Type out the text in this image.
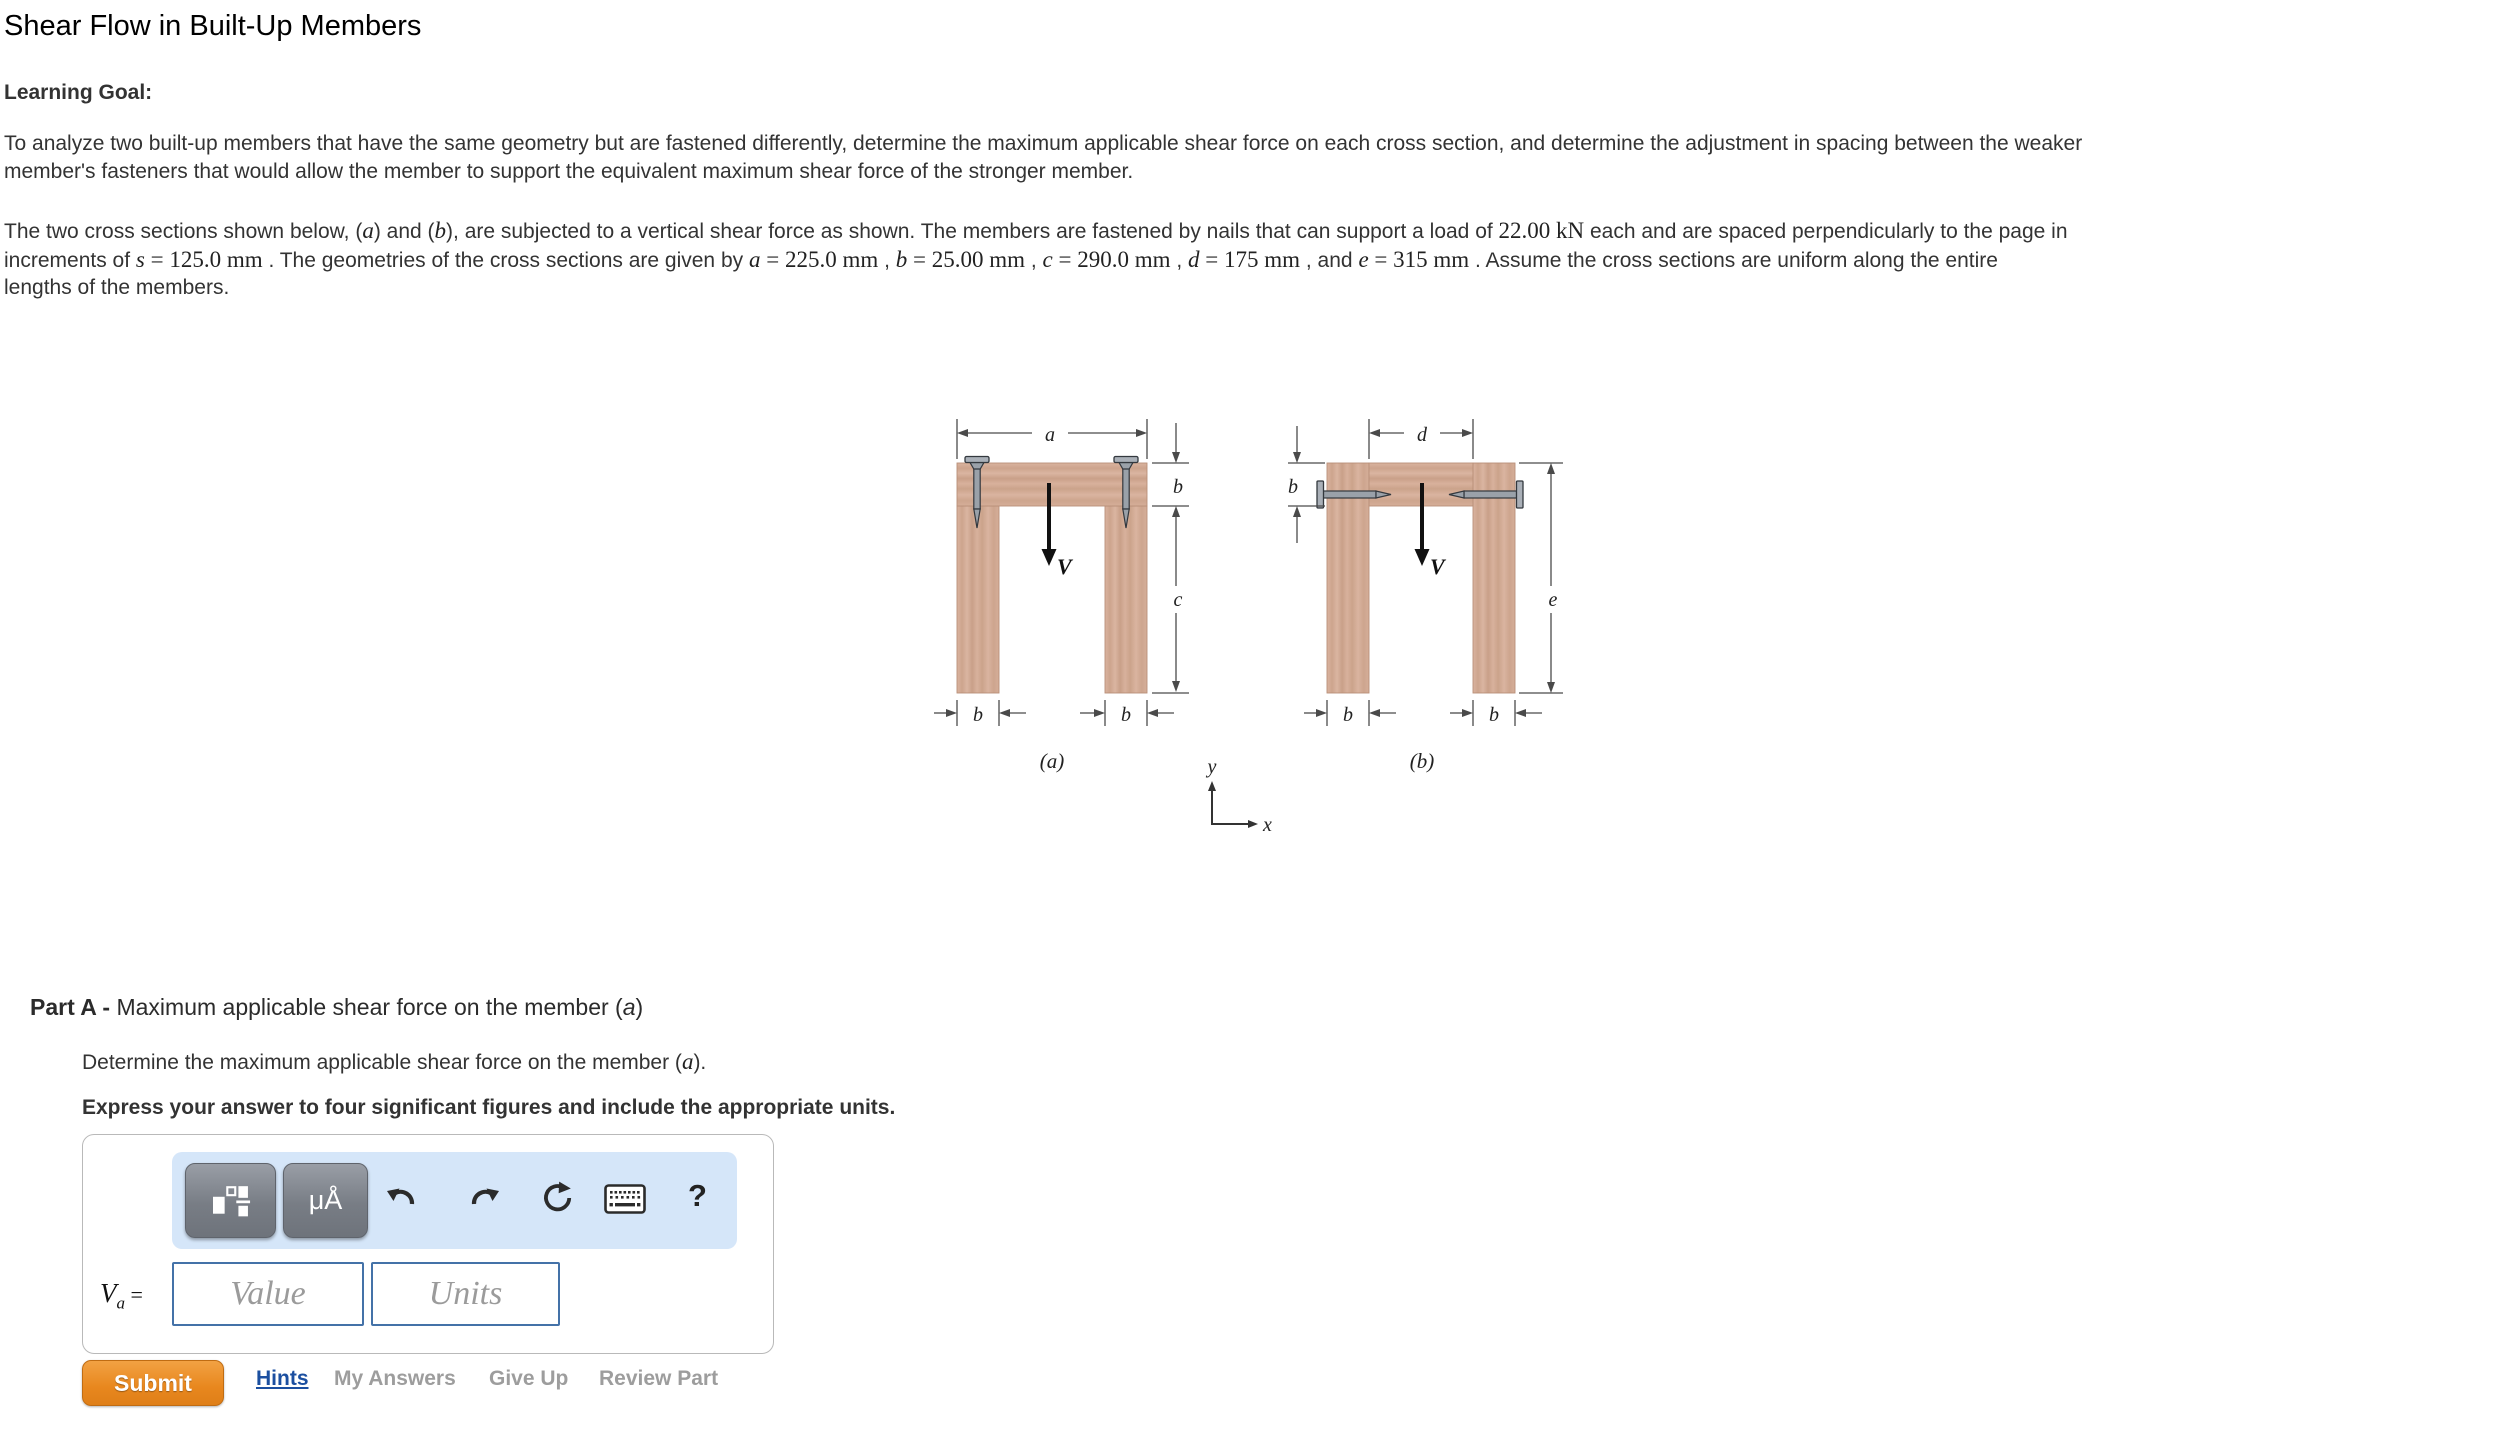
Shear Flow in Built-Up Members
Learning Goal:
To analyze two built-up members that have the same geometry but are fastened differently, determine the maximum applicable shear force on each cross section, and determine the adjustment in spacing between the weaker
member's fasteners that would allow the member to support the equivalent maximum shear force of the stronger member.
The two cross sections shown below, (a) and (b), are subjected to a vertical shear force as shown. The members are fastened by nails that can support a load of 22.00 kN each and are spaced perpendicularly to the page in
increments of s = 125.0 mm . The geometries of the cross sections are given by a = 225.0 mm , b = 25.00 mm , c = 290.0 mm , d = 175 mm , and e = 315 mm . Assume the cross sections are uniform along the entire
lengths of the members.
V
a
b
c
b	b
(a)
V
d
b
e
b	b
(b)
y
x
Part A - Maximum applicable shear force on the member (a)
Determine the maximum applicable shear force on the member (a).
Express your answer to four significant figures and include the appropriate units.
μÅ	?
$V_a$ =
Value
Units
Submit	Hints My Answers Give Up Review Part
